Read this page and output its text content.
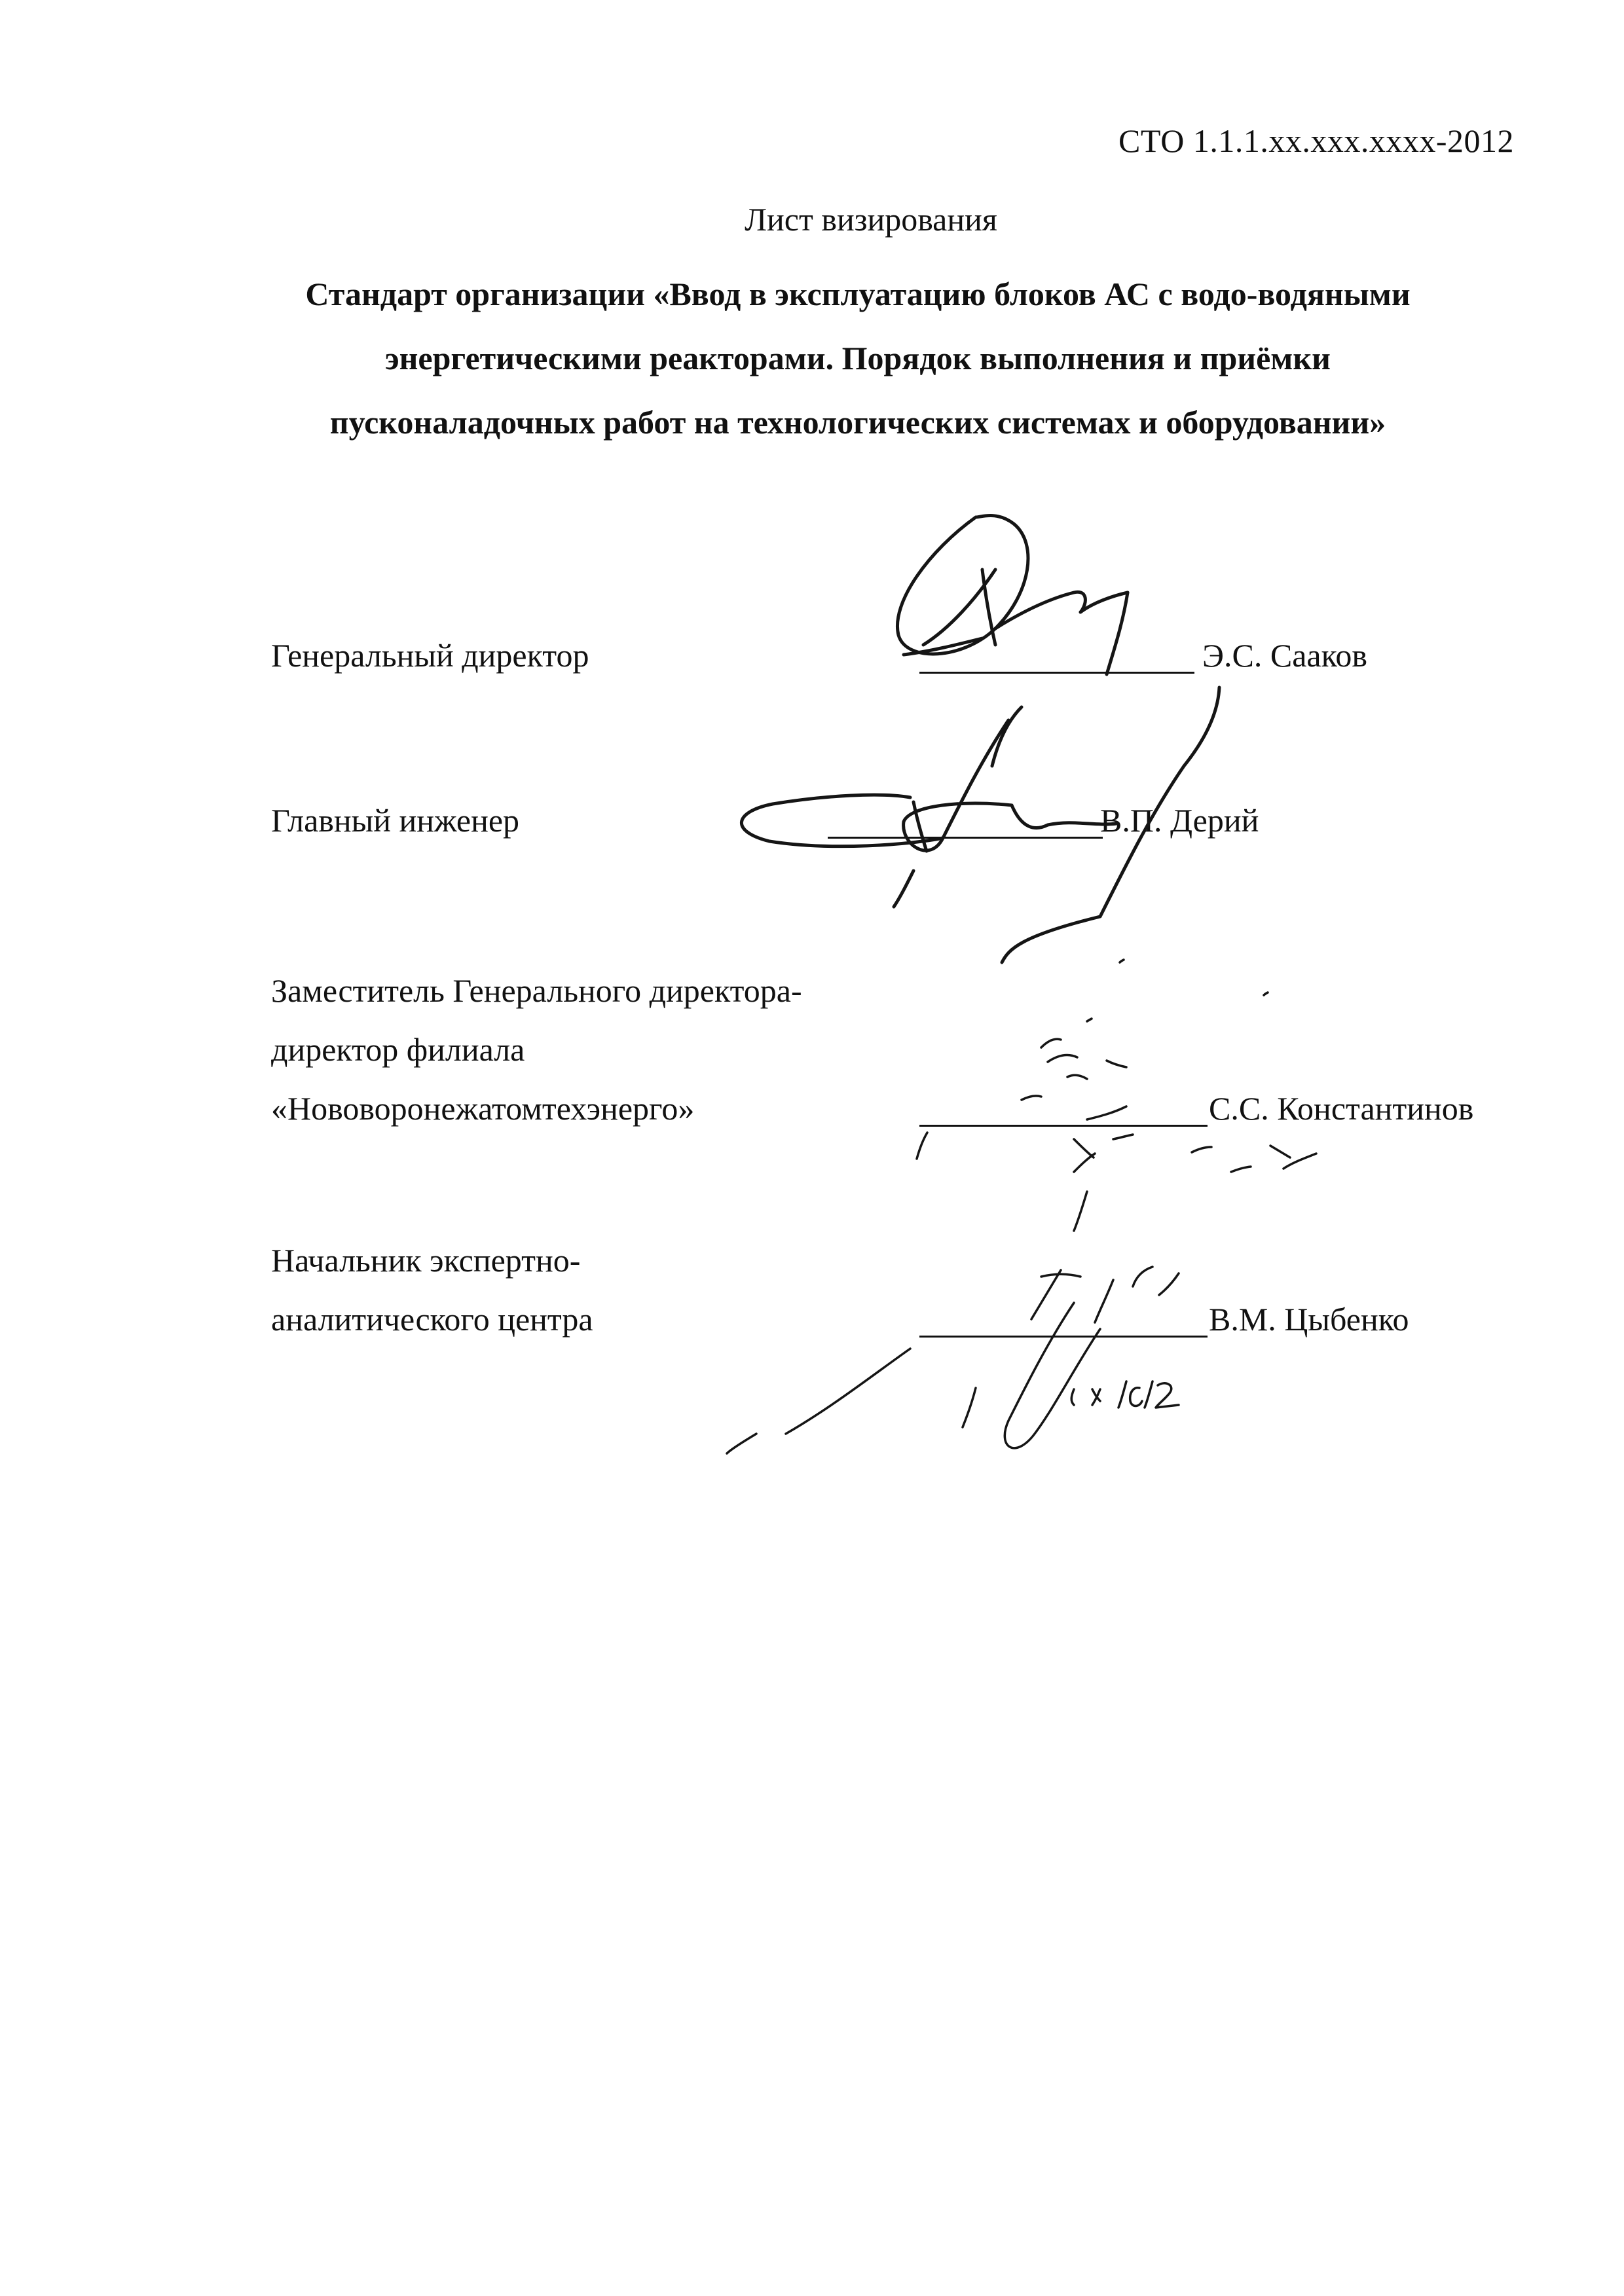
СТО 1.1.1.xx.xxx.xxxx-2012
Лист визирования
Стандарт организации «Ввод в эксплуатацию блоков АС с водо-водяными
энергетическими реакторами. Порядок выполнения и приёмки
пусконаладочных работ на технологических системах и оборудовании»
Генеральный директор	Э.С. Сааков
Главный инженер	В.П. Дерий
Заместитель Генерального директора-
директор филиала
«Нововоронежатомтехэнерго»	С.С. Константинов
Начальник экспертно-
аналитического центра	В.М. Цыбенко
